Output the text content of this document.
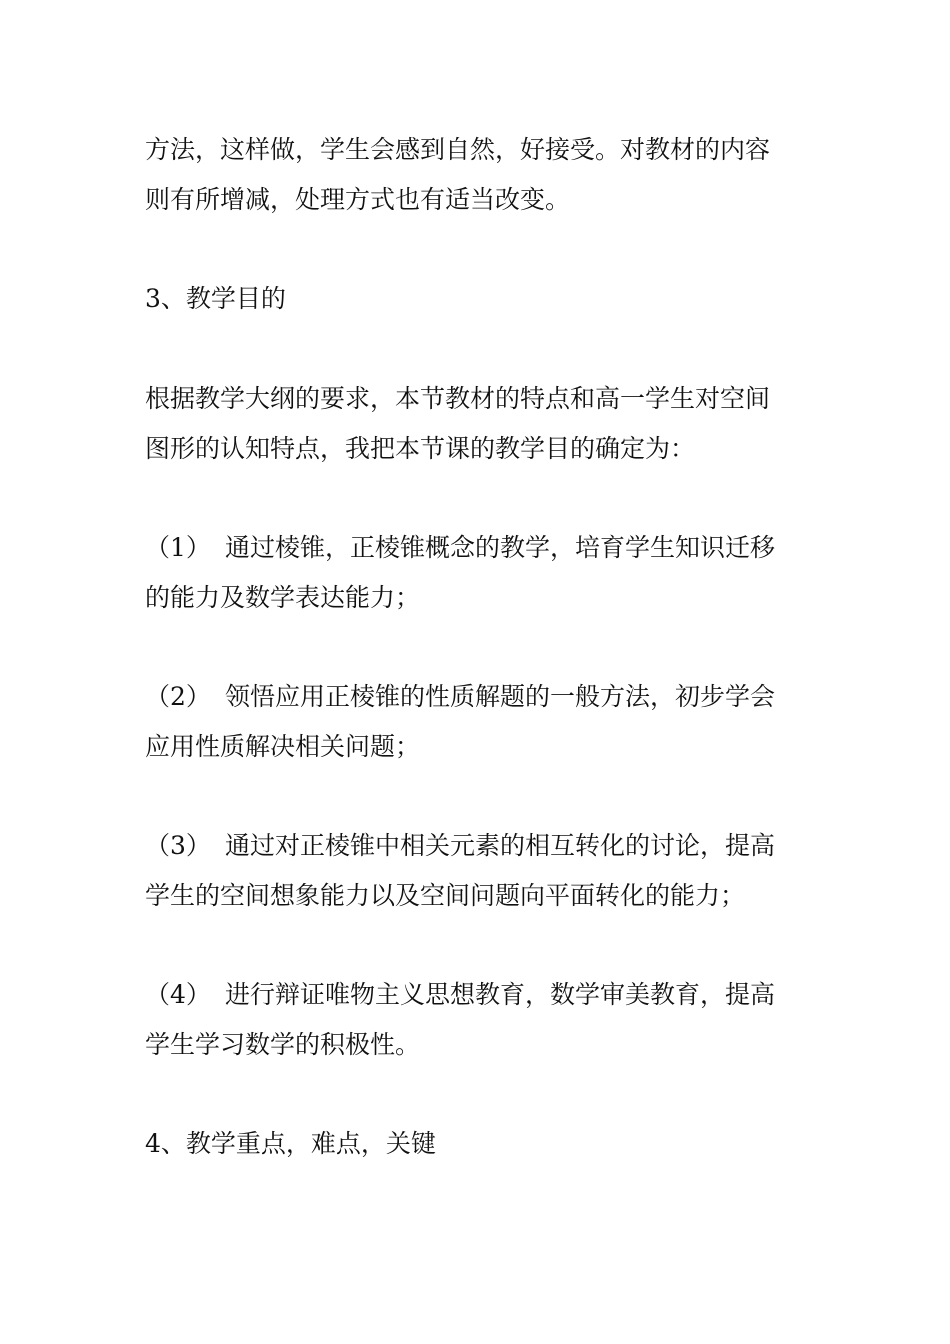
方法，这样做，学生会感到自然，好接受。对教材的内容
则有所增减，处理方式也有适当改变。

3、教学目的

根据教学大纲的要求，本节教材的特点和高一学生对空间
图形的认知特点，我把本节课的教学目的确定为：

（1） 通过棱锥，正棱锥概念的教学，培育学生知识迁移
的能力及数学表达能力；

（2） 领悟应用正棱锥的性质解题的一般方法，初步学会
应用性质解决相关问题；

（3） 通过对正棱锥中相关元素的相互转化的讨论，提高
学生的空间想象能力以及空间问题向平面转化的能力；

（4） 进行辩证唯物主义思想教育，数学审美教育，提高
学生学习数学的积极性。

4、教学重点，难点，关键
